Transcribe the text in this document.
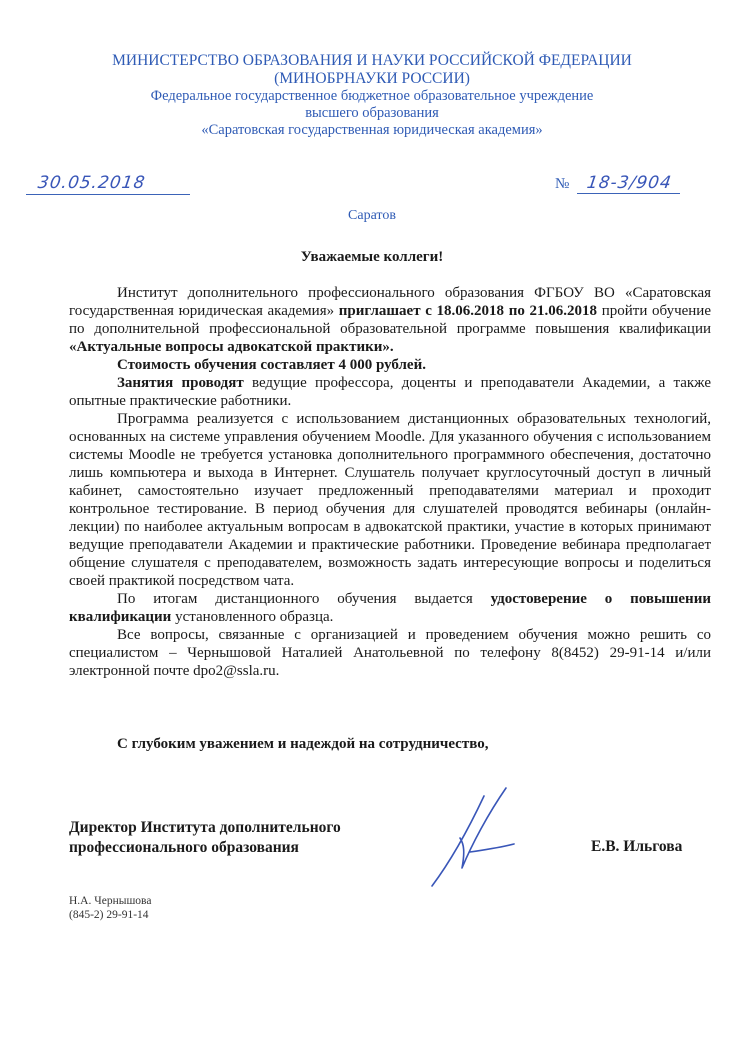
МИНИСТЕРСТВО ОБРАЗОВАНИЯ И НАУКИ РОССИЙСКОЙ ФЕДЕРАЦИИ
(МИНОБРНАУКИ РОССИИ)
Федеральное государственное бюджетное образовательное учреждение
высшего образования
«Саратовская государственная юридическая академия»
30.05.2018	№ 18-3/904
Саратов
Уважаемые коллеги!

Институт дополнительного профессионального образования ФГБОУ ВО «Саратовская государственная юридическая академия» приглашает с 18.06.2018 по 21.06.2018 пройти обучение по дополнительной профессиональной образовательной программе повышения квалификации «Актуальные вопросы адвокатской практики».

Стоимость обучения составляет 4 000 рублей.

Занятия проводят ведущие профессора, доценты и преподаватели Академии, а также опытные практические работники.

Программа реализуется с использованием дистанционных образовательных технологий, основанных на системе управления обучением Moodle. Для указанного обучения с использованием системы Moodle не требуется установка дополнительного программного обеспечения, достаточно лишь компьютера и выхода в Интернет. Слушатель получает круглосуточный доступ в личный кабинет, самостоятельно изучает предложенный преподавателями материал и проходит контрольное тестирование. В период обучения для слушателей проводятся вебинары (онлайн-лекции) по наиболее актуальным вопросам в адвокатской практики, участие в которых принимают ведущие преподаватели Академии и практические работники. Проведение вебинара предполагает общение слушателя с преподавателем, возможность задать интересующие вопросы и поделиться своей практикой посредством чата.

По итогам дистанционного обучения выдается удостоверение о повышении квалификации установленного образца.

Все вопросы, связанные с организацией и проведением обучения можно решить со специалистом – Чернышовой Наталией Анатольевной по телефону 8(8452) 29-91-14 и/или электронной почте dpo2@ssla.ru.

С глубоким уважением и надеждой на сотрудничество,
Директор Института дополнительного
профессионального образования	Е.В. Ильгова
Н.А. Чернышова
(845-2) 29-91-14
